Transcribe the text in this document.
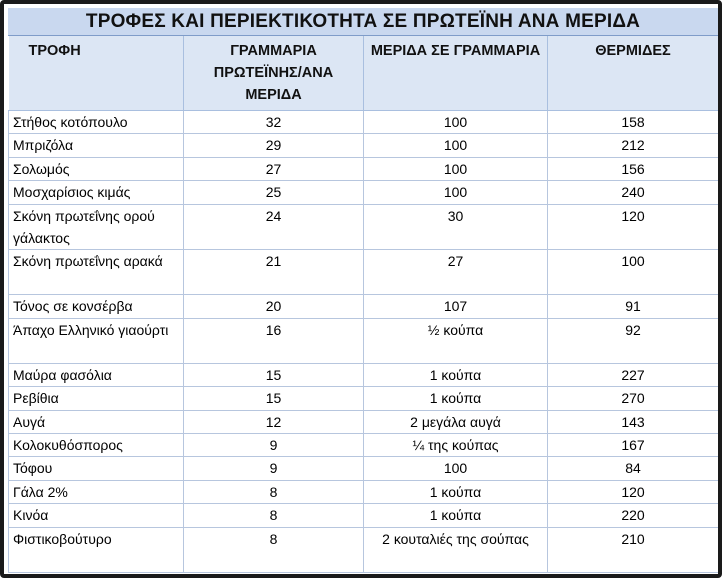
ΤΡΟΦΕΣ ΚΑΙ ΠΕΡΙΕΚΤΙΚΟΤΗΤΑ ΣΕ ΠΡΩΤΕΪΝΗ ΑΝΑ ΜΕΡΙΔΑ
ΤΡΟΦΗ	ΓΡΑΜΜΑΡΙΑ ΠΡΩΤΕΪΝΗΣ/ΑΝΑ ΜΕΡΙΔΑ	ΜΕΡΙΔΑ ΣΕ ΓΡΑΜΜΑΡΙΑ	ΘΕΡΜΙΔΕΣ
Στήθος κοτόπουλο	32	100	158
Μπριζόλα	29	100	212
Σολωμός	27	100	156
Μοσχαρίσιος κιμάς	25	100	240
Σκόνη πρωτεΐνης ορού γάλακτος	24	30	120
Σκόνη πρωτεΐνης αρακά	21	27	100
Τόνος σε κονσέρβα	20	107	91
Άπαχο Ελληνικό γιαούρτι	16	½ κούπα	92
Μαύρα φασόλια	15	1 κούπα	227
Ρεβίθια	15	1 κούπα	270
Αυγά	12	2 μεγάλα αυγά	143
Κολοκυθόσπορος	9	¼ της κούπας	167
Τόφου	9	100	84
Γάλα 2%	8	1 κούπα	120
Κινόα	8	1 κούπα	220
Φιστικοβούτυρο	8	2 κουταλιές της σούπας	210
